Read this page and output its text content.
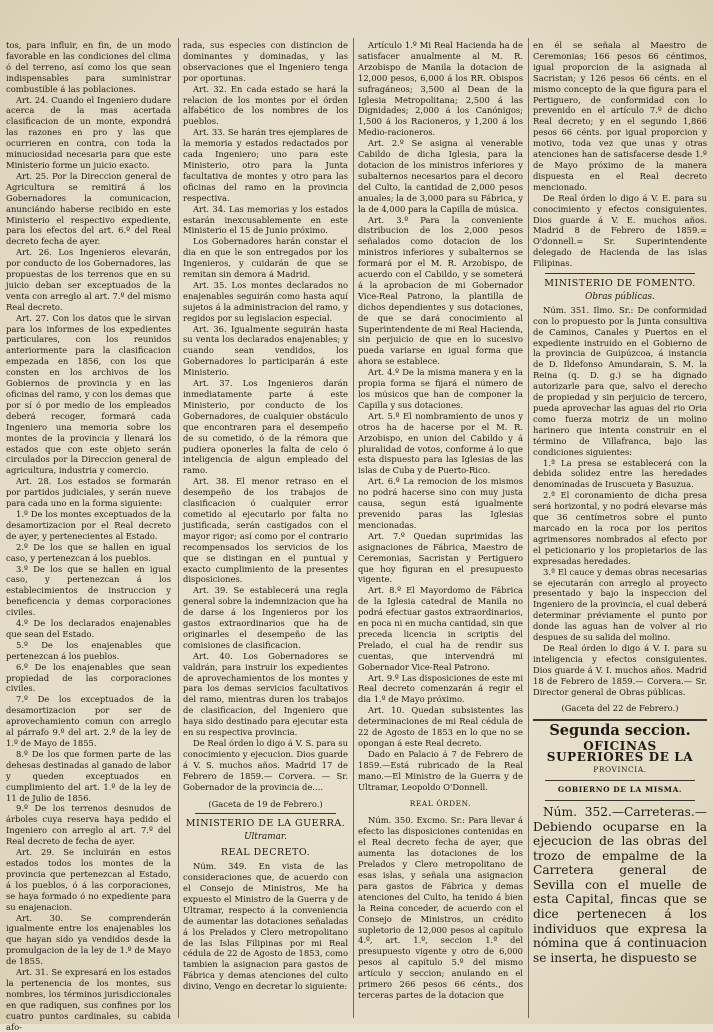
tos, para influir, en fin, de un modo favorable en las condiciones del clima ó del terreno, así como los que sean indispensables para suministrar combustible á las poblaciones.

Art. 24. Cuando el Ingeniero dudare acerca de la mas acertada clasificacion de un monte, expondrá las razones en pro y las que ocurrieren en contra, con toda la minuciosidad necesaria para que este Ministerio forme un juicio exacto.

Art. 25. Por la Direccion general de Agricultura se remitirá á los Gobernadores la comunicacion, anunciándo haberse recibido en este Ministerio el respectivo expediente, para los efectos del art. 6.º del Real decreto fecha de ayer.

Art. 26. Los Ingenieros elevarán, por conducto de los Gobernadores, las propuestas de los terrenos que en su juicio deban ser exceptuados de la venta con arreglo al art. 7.º del mismo Real decreto.

Art. 27. Con los datos que le sirvan para los informes de los expedientes particulares, con los reunidos anteriormente para la clasificacion empezada en 1856, con los que consten en los archivos de los Gobiernos de provincia y en las oficinas del ramo, y con los demas que por sí ó por medio de los empleados deberá recoger, formará cada Ingeniero una memoria sobre los montes de la provincia y llenará los estados que con este objeto serán circulados por la Direccion general de agricultura, industria y comercio.

Art. 28. Los estados se formarán por partidos judiciales, y serán nueve para cada uno en la forma siguiente:

1.º De los montes exceptuados de la desamortizacion por el Real decreto de ayer, y pertenecientes al Estado.

2.º De los que se hallen en igual caso, y pertenezcan á los pueblos.

3.º De los que se hallen en igual caso, y pertenezcan á los establecimientos de instruccion y beneficencia y demas corporaciones civiles.

4.º De los declarados enajenables que sean del Estado.

5.º De los enajenables que pertenezcan á los pueblos.

6.º De los enajenables que sean propiedad de las corporaciones civiles.

7.º De los exceptuados de la desamortizacion por ser de aprovechamiento comun con arreglo al párrafo 9.º del art. 2.º de la ley de 1.º de Mayo de 1855.

8.º De los que formen parte de las dehesas destinadas al ganado de labor y queden exceptuados en cumplimiento del art. 1.º de la ley de 11 de Julio de 1856.

9.º De los terrenos desnudos de árboles cuya reserva haya pedido el Ingeniero con arreglo al art. 7.º del Real decreto de fecha de ayer.

Art. 29. Se incluirán en estos estados todos los montes de la provincia que pertenezcan al Estado, á los pueblos, ó á las corporaciones, se haya formado ó no expediente para su enajenacion.

Art. 30. Se comprenderán igualmente entre los enajenables los que hayan sido ya vendidos desde la promulgacion de la ley de 1.º de Mayo de 1855.

Art. 31. Se expresará en los estados la pertenencia de los montes, sus nombres, los términos jurisdiccionales en que radiquen, sus confines por los cuatro puntos cardinales, su cabida afo-

rada, sus especies con distincion de dominantes y dominadas, y las observaciones que el Ingeniero tenga por oportunas.

Art. 32. En cada estado se hará la relacion de los montes por el órden alfabético de los nombres de los pueblos.

Art. 33. Se harán tres ejemplares de la memoria y estados redactados por cada Ingeniero; uno para este Ministerio, otro para la Junta facultativa de montes y otro para las oficinas del ramo en la provincia respectiva.

Art. 34. Las memorias y los estados estarán inexcusablemente en este Ministerio el 15 de Junio próximo.

Los Gobernadores harán constar el dia en que le son entregados por los Ingenieros, y cuidarán de que se remitan sin demora á Madrid.

Art. 35. Los montes declarados no enajenables seguirán como hasta aquí sujetos á la administracion del ramo, y regidos por su legislacion especial.

Art. 36. Igualmente seguirán hasta su venta los declarados enajenables; y cuando sean vendidos, los Gobernadores lo participarán á este Ministerio.

Art. 37. Los Ingenieros darán inmediatamente parte á este Ministerio, por conducto de los Gobernadores, de cualquier obstáculo que encontraren para el desempeño de su cometido, ó de la rémora que pudiera oponerles la falta de celo ó inteligencia de algun empleado del ramo.

Art. 38. El menor retraso en el desempeño de los trabajos de clasificacion ó cualquier error cometido al ejecutarlo por falta no justificada, serán castigados con el mayor rigor; así como por el contrario recompensados los servicios de los que se distingan en el puntual y exacto cumplimiento de la presentes disposiciones.

Art. 39. Se establecerá una regla general sobre la indemnizacion que ha de darse á los Ingenieros por los gastos extraordinarios que ha de originarles el desempeño de las comisiones de clasificacion.

Art. 40. Los Gobernadores se valdrán, para instruir los expedientes de aprovechamientos de los montes y para los demas servicios facultativos del ramo, mientras duren los trabajos de clasificacion, del Ingeniero que haya sido destinado para ejecutar esta en su respectiva provincia.

De Real órden lo digo á V. S. para su conocimiento y ejecucion. Dios guarde á V. S. muchos años. Madrid 17 de Febrero de 1859.— Corvera. — Sr. Gobernador de la provincia de....

(Gaceta de 19 de Febrero.)

MINISTERIO DE LA GUERRA.

Ultramar.

REAL DECRETO.

Núm. 349. En vista de las consideraciones que, de acuerdo con el Consejo de Ministros, Me ha expuesto el Ministro de la Guerra y de Ultramar, respecto á la conveniencia de aumentar las dotaciones señaladas á los Prelados y Clero metropolitano de las Islas Filipinas por mi Real cédula de 22 de Agosto de 1853, como tambien la asignacion para gastos de Fábrica y demas atenciones del culto divino, Vengo en decretar lo siguiente:

Artículo 1.º Mi Real Hacienda ha de satisfacer anualmente al M. R. Arzobispo de Manila la dotacion de 12,000 pesos, 6,000 á los RR. Obispos sufragáneos; 3,500 al Dean de la Iglesia Metropolitana; 2,500 á las Dignidades; 2,000 á los Canónigos; 1,500 á los Racioneros, y 1,200 á los Medio-racioneros.

Art. 2.º Se asigna al venerable Cabildo de dicha Iglesia, para la dotacion de los ministros inferiores y subalternos necesarios para el decoro del Culto, la cantidad de 2,000 pesos anuales; la de 3,000 para su Fábrica, y la de 4,000 para la Capilla de música.

Art. 3.º Para la conveniente distribucion de los 2,000 pesos señalados como dotacion de los ministros inferiores y subalternos se formará por el M. R. Arzobispo, de acuerdo con el Cabildo, y se someterá á la aprobacion de mi Gobernador Vice-Real Patrono, la plantilla de dichos dependientes y sus dotaciones, de que se dará conocimiento al Superintendente de mi Real Hacienda, sin perjuicio de que en lo sucesivo pueda variarse en igual forma que ahora se establece.

Art. 4.º De la misma manera y en la propia forma se fijará el número de los músicos que han de componer la Capilla y sus dotaciones.

Art. 5.º El nombramiento de unos y otros ha de hacerse por el M. R. Arzobispo, en union del Cabildo y á pluralidad de votos, conforme á lo que esta dispuesto para las Iglesias de las islas de Cuba y de Puerto-Rico.

Art. 6.º La remocion de los mismos no podrá hacerse sino con muy justa causa, segun está igualmente prevenido paras las Iglesias mencionadas.

Art. 7.º Quedan suprimidas las asignaciones de Fábrica, Maestro de Ceremonias, Sacristan y Pertiguero que hoy figuran en el presupuesto vigente.

Art. 8.º El Mayordomo de Fábrica de la Iglesia catedral de Manila no podrá efectuar gastos extraordinarios, en poca ni en mucha cantidad, sin que preceda licencia in scriptis del Prelado, el cual ha de rendir sus cuentas, que intervendrá mi Gobernador Vice-Real Patrono.

Art. 9.º Las disposiciones de este mi Real decreto comenzarán á regir el dia 1.º de Mayo próximo.

Art. 10. Quedan subsistentes las determinaciones de mi Real cédula de 22 de Agosto de 1853 en lo que no se opongan á este Real decreto.

Dado en Palacio á 7 de Febrero de 1859.—Está rubricado de la Real mano.—El Ministro de la Guerra y de Ultramar, Leopoldo O'Donnell.

REAL ÓRDEN.

Núm. 350. Excmo. Sr.: Para llevar á efecto las disposiciones contenidas en el Real decreto fecha de ayer, que aumenta las dotaciones de los Prelados y Clero metropolitano de esas islas, y señala una asignacion para gastos de Fábrica y demas atenciones del Culto, ha tenido á bien la Reina conceder, de acuerdo con el Consejo de Ministros, un crédito supletorio de 12,000 pesos al capítulo 4.º, art. 1.º, seccion 1.ª del presupuesto vigente y otro de 6,000 pesos al capítulo 5.º del mismo artículo y seccion; anulando en el primero 266 pesos 66 cénts., dos terceras partes de la dotacion que

en él se señala al Maestro de Ceremonias; 166 pesos 66 céntimos, igual proporcion de la asignada al Sacristan; y 126 pesos 66 cénts. en el mismo concepto de la que figura para el Pertiguero, de conformidad con lo prevenido en el artículo 7.º de dicho Real decreto; y en el segundo 1,866 pesos 66 cénts. por igual proporcion y motivo, toda vez que unas y otras atenciones han de satisfacerse desde 1.º de Mayo próximo de la manera dispuesta en el Real decreto mencionado.

De Real órden lo digo á V. E. para su conocimiento y efectos consiguientes. Dios guarde á V. E. muchos años. Madrid 8 de Febrero de 1859.= O'donnell.= Sr. Superintendente delegado de Hacienda de las islas Filipinas.

MINISTERIO DE FOMENTO.

Obras públicas.

Núm. 351. Ilmo. Sr.: De conformidad con lo propuesto por la Junta consultiva de Caminos, Canales y Puertos en el expediente instruido en el Gobierno de la provincia de Guipúzcoa, á instancia de D. Ildefonso Amundarain, S. M. la Reina (q. D. g.) se ha dignado autorizarle para que, salvo el derecho de propiedad y sin perjuicio de tercero, pueda aprovechar las aguas del rio Oria como fuerza motriz de un molino harinero que intenta construir en el término de Villafranca, bajo las condiciones siguientes:

1.ª La presa se establecerá con la debida solidez entre las heredades denominadas de Iruscueta y Basuzua.

2.ª El coronamiento de dicha presa será horizontal, y no podrá elevarse más que 36 centímetros sobre el punto marcado en la roca por los peritos agrimensores nombrados al efecto por el peticionario y los propietarios de las expresadas heredades.

3.ª El cauce y demas obras necesarias se ejecutarán con arreglo al proyecto presentado y bajo la inspeccion del Ingeniero de la provincia, el cual deberá determinar préviamente el punto por donde las aguas han de volver al rio despues de su salida del molino.

De Real órden lo digo á V. I. para su inteligencia y efectos consiguientes. Dios guarde á V. I. muchos años. Madrid 18 de Febrero de 1859.— Corvera.— Sr. Director general de Obras públicas.

(Gaceta del 22 de Febrero.)

Segunda seccion.

OFICINAS SUPERIORES DE LA

PROVINCIA.

GOBIERNO DE LA MISMA.

Núm. 352.—Carreteras.— Debiendo ocuparse en la ejecucion de las obras del trozo de empalme de la Carretera general de Sevilla con el muelle de esta Capital, fincas que se dice pertenecen á los individuos que expresa la nómina que á continuacion se inserta, he dispuesto se
